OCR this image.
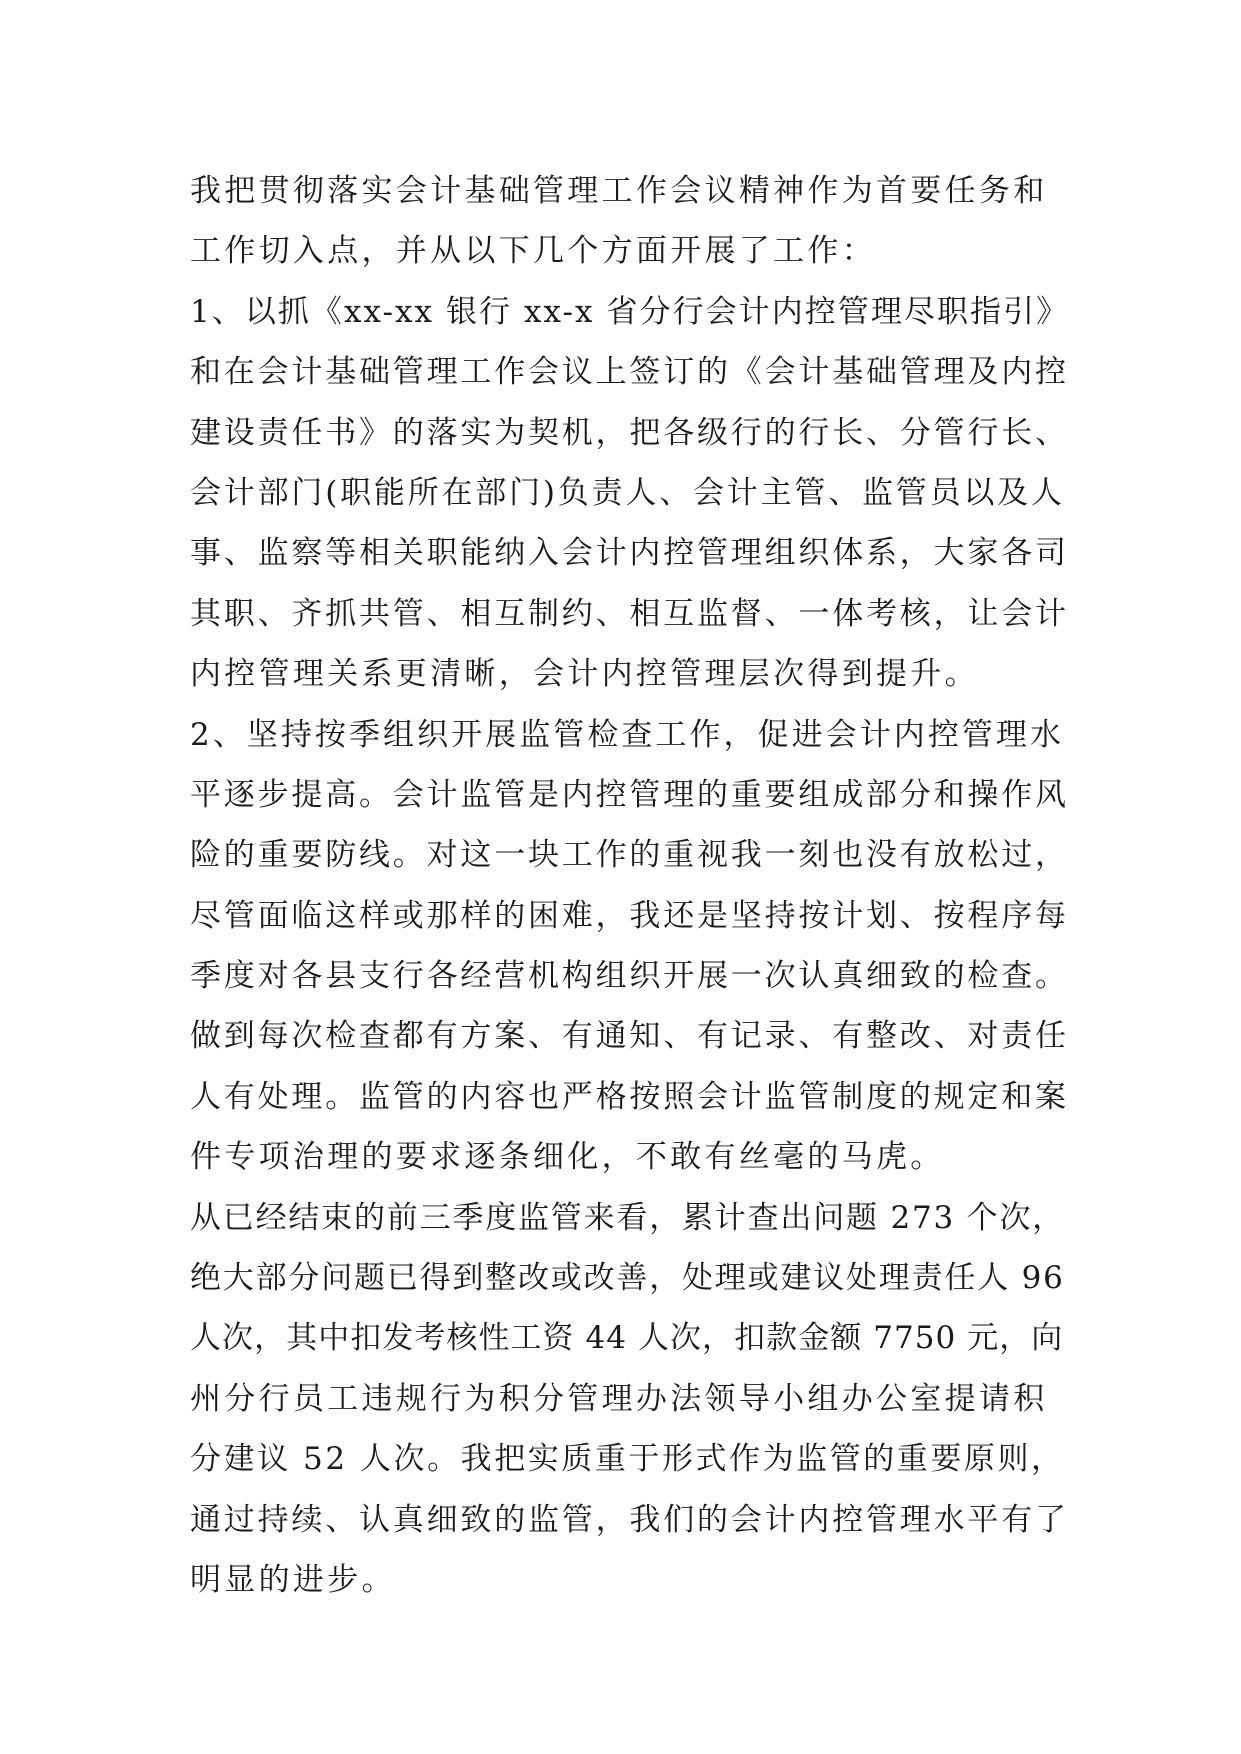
我把贯彻落实会计基础管理工作会议精神作为首要任务和
工作切入点，并从以下几个方面开展了工作：
1、以抓《xx-xx 银行 xx-x 省分行会计内控管理尽职指引》
和在会计基础管理工作会议上签订的《会计基础管理及内控
建设责任书》的落实为契机，把各级行的行长、分管行长、
会计部门(职能所在部门)负责人、会计主管、监管员以及人
事、监察等相关职能纳入会计内控管理组织体系，大家各司
其职、齐抓共管、相互制约、相互监督、一体考核，让会计
内控管理关系更清晰，会计内控管理层次得到提升。
2、坚持按季组织开展监管检查工作，促进会计内控管理水
平逐步提高。会计监管是内控管理的重要组成部分和操作风
险的重要防线。对这一块工作的重视我一刻也没有放松过，
尽管面临这样或那样的困难，我还是坚持按计划、按程序每
季度对各县支行各经营机构组织开展一次认真细致的检查。
做到每次检查都有方案、有通知、有记录、有整改、对责任
人有处理。监管的内容也严格按照会计监管制度的规定和案
件专项治理的要求逐条细化，不敢有丝毫的马虎。
从已经结束的前三季度监管来看，累计查出问题 273 个次，
绝大部分问题已得到整改或改善，处理或建议处理责任人 96
人次，其中扣发考核性工资 44 人次，扣款金额 7750 元，向
州分行员工违规行为积分管理办法领导小组办公室提请积
分建议 52 人次。我把实质重于形式作为监管的重要原则，
通过持续、认真细致的监管，我们的会计内控管理水平有了
明显的进步。
